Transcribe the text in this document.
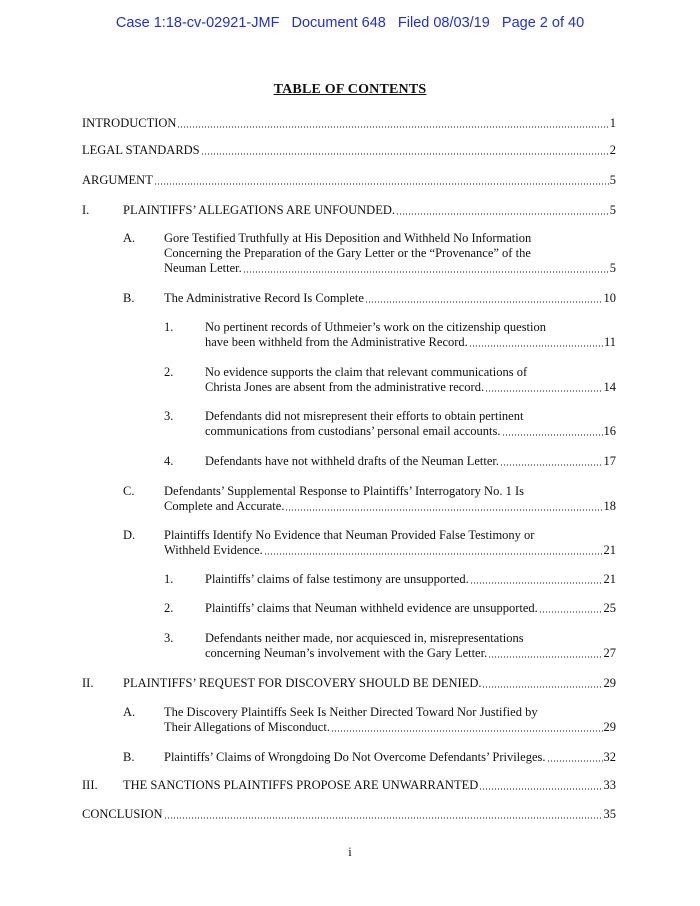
Case 1:18-cv-02921-JMF   Document 648   Filed 08/03/19   Page 2 of 40
TABLE OF CONTENTS
INTRODUCTION	1
LEGAL STANDARDS	2
ARGUMENT	5
I.	PLAINTIFFS’ ALLEGATIONS ARE UNFOUNDED.	5
A. Gore Testified Truthfully at His Deposition and Withheld No Information
Concerning the Preparation of the Gary Letter or the “Provenance” of the
Neuman Letter.	5
B. The Administrative Record Is Complete	10
1.	No pertinent records of Uthmeier’s work on the citizenship question
have been withheld from the Administrative Record.	11
2.	No evidence supports the claim that relevant communications of
Christa Jones are absent from the administrative record.	14
3.	Defendants did not misrepresent their efforts to obtain pertinent
communications from custodians’ personal email accounts.	16
4.	Defendants have not withheld drafts of the Neuman Letter.	17
C. Defendants’ Supplemental Response to Plaintiffs’ Interrogatory No. 1 Is
Complete and Accurate.	18
D. Plaintiffs Identify No Evidence that Neuman Provided False Testimony or
Withheld Evidence.	21
1.	Plaintiffs’ claims of false testimony are unsupported.	21
2.	Plaintiffs’ claims that Neuman withheld evidence are unsupported.	25
3.	Defendants neither made, nor acquiesced in, misrepresentations
concerning Neuman’s involvement with the Gary Letter.	27
II. PLAINTIFFS’ REQUEST FOR DISCOVERY SHOULD BE DENIED.	29
A. The Discovery Plaintiffs Seek Is Neither Directed Toward Nor Justified by
Their Allegations of Misconduct.	29
B. Plaintiffs’ Claims of Wrongdoing Do Not Overcome Defendants’ Privileges.	32
III. THE SANCTIONS PLAINTIFFS PROPOSE ARE UNWARRANTED	33
CONCLUSION	35
i
